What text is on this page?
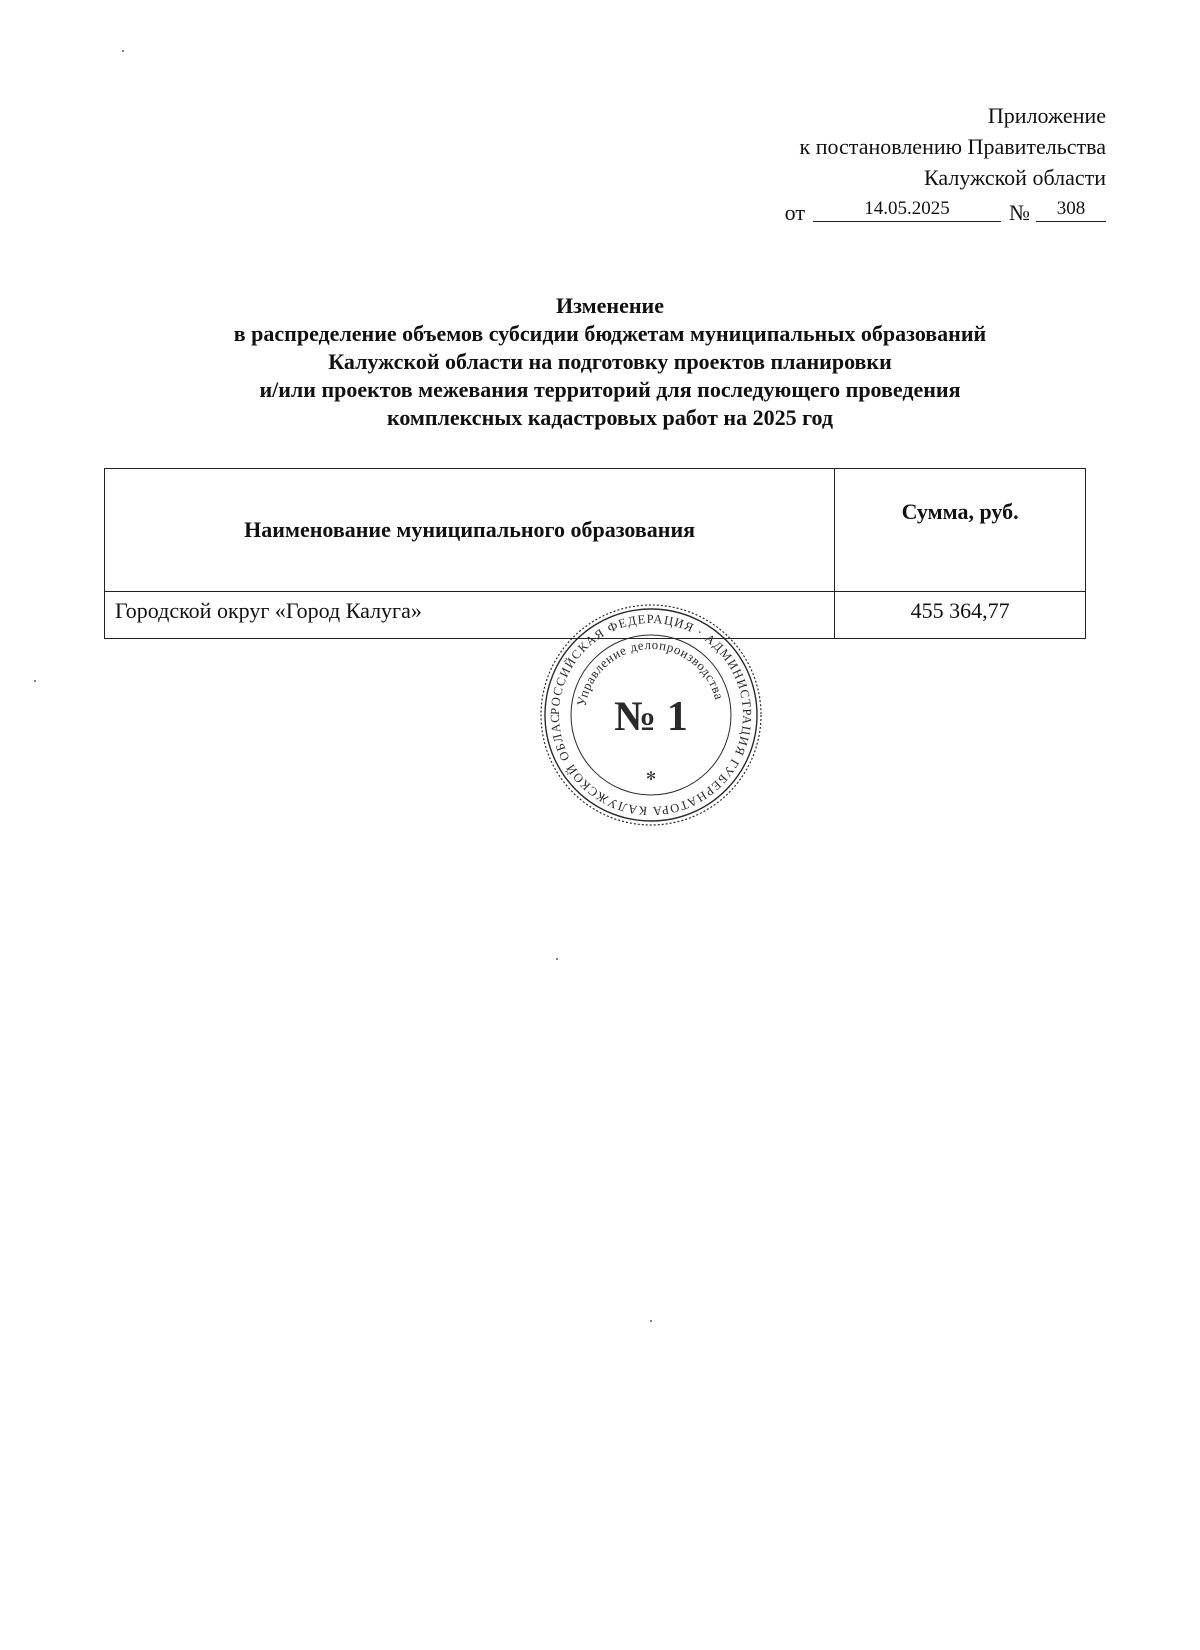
Приложение
к постановлению Правительства
Калужской области
от	14.05.2025	№	308
Изменение
в распределение объемов субсидии бюджетам муниципальных образований
Калужской области на подготовку проектов планировки
и/или проектов межевания территорий для последующего проведения
комплексных кадастровых работ на 2025 год
Наименование муниципального образования	Сумма, руб.
Городской округ «Город Калуга»	455 364,77
РОССИЙСКАЯ ФЕДЕРАЦИЯ · АДМИНИСТРАЦИЯ ГУБЕРНАТОРА КАЛУЖСКОЙ ОБЛАС
Управление делопроизводства
№ 1
✻
